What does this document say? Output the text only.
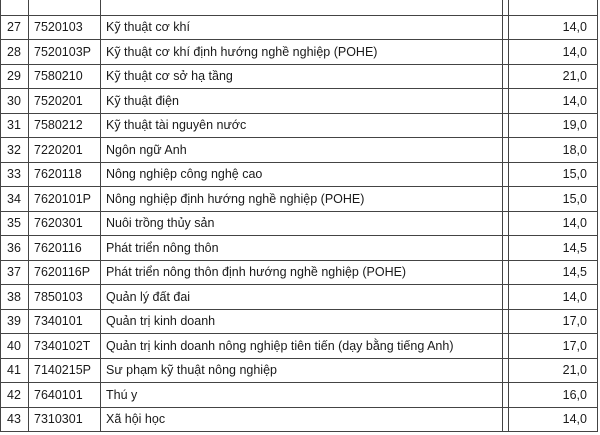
27	7520103	Kỹ thuật cơ khí		14,0
28	7520103P	Kỹ thuật cơ khí định hướng nghề nghiệp (POHE)		14,0
29	7580210	Kỹ thuật cơ sở hạ tầng		21,0
30	7520201	Kỹ thuật điện		14,0
31	7580212	Kỹ thuật tài nguyên nước		19,0
32	7220201	Ngôn ngữ Anh		18,0
33	7620118	Nông nghiệp công nghệ cao		15,0
34	7620101P	Nông nghiệp định hướng nghề nghiệp (POHE)		15,0
35	7620301	Nuôi trồng thủy sản		14,0
36	7620116	Phát triển nông thôn		14,5
37	7620116P	Phát triển nông thôn định hướng nghề nghiệp (POHE)		14,5
38	7850103	Quản lý đất đai		14,0
39	7340101	Quản trị kinh doanh		17,0
40	7340102T	Quản trị kinh doanh nông nghiệp tiên tiến (dạy bằng tiếng Anh)		17,0
41	7140215P	Sư phạm kỹ thuật nông nghiệp		21,0
42	7640101	Thú y		16,0
43	7310301	Xã hội học		14,0
